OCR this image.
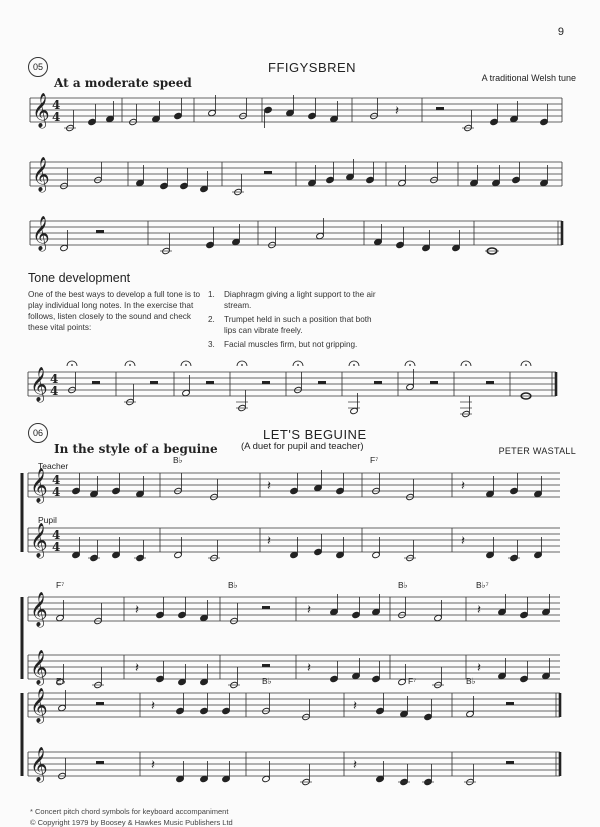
9
05	FFIGYSBREN
At a moderate speed	A traditional Welsh tune
Tone development

One of the best ways to develop a full tone is to play individual long notes. In the exercise that follows, listen closely to the sound and check these vital points:

1. Diaphragm giving a light support to the air stream.
2. Trumpet held in such a position that both lips can vibrate freely.
3. Facial muscles firm, but not gripping.
06	LET'S BEGUINE
(A duet for pupil and teacher)
In the style of a beguine	PETER WASTALL
Teacher
Pupil
B♭	F⁷
F⁷	B♭	B♭	B♭⁷
E♭	B♭	F⁷	B♭
* Concert pitch chord symbols for keyboard accompaniment
© Copyright 1979 by Boosey & Hawkes Music Publishers Ltd
𝄞 4
4	𝄽
𝄞
𝄞
𝄞 4
4
𝄞
𝄞
4
4
4
4
𝄽
𝄽
𝄽
𝄽
𝄞
𝄞
𝄽
𝄽
𝄽
𝄽
𝄽
𝄽
𝄞
𝄞
𝄽
𝄽
𝄽
𝄽
